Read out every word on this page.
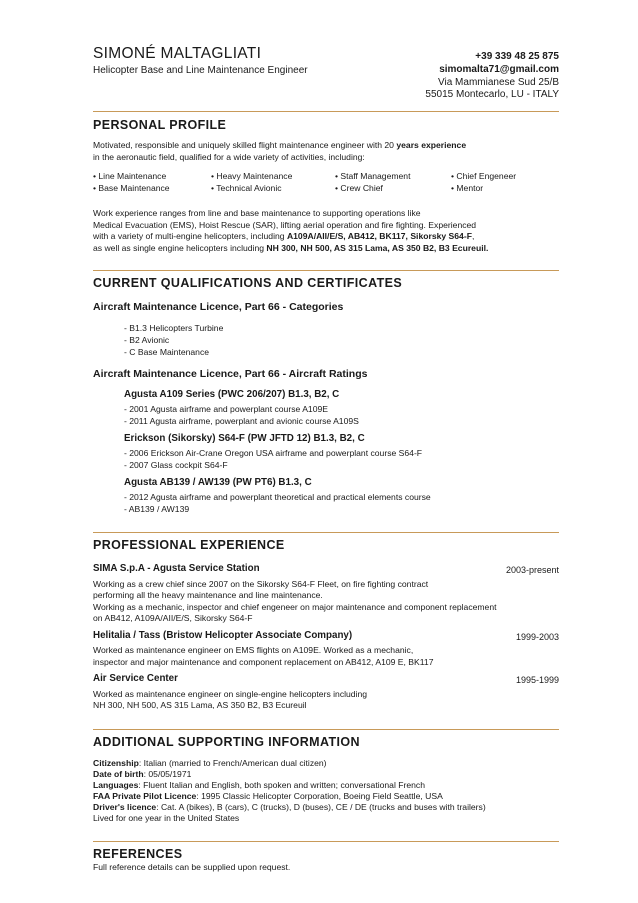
SIMONÉ MALTAGLIATI
Helicopter Base and Line Maintenance Engineer
+39 339 48 25 875
simomalta71@gmail.com
Via Mammianese Sud 25/B
55015 Montecarlo, LU - ITALY
PERSONAL PROFILE
Motivated, responsible and uniquely skilled flight maintenance engineer with 20 years experience
in the aeronautic field, qualified for a wide variety of activities, including:
• Line Maintenance	• Heavy Maintenance	• Staff Management	• Chief Engeneer
• Base Maintenance	• Technical Avionic	• Crew Chief	• Mentor
Work experience ranges from line and base maintenance to supporting operations like
Medical Evacuation (EMS), Hoist Rescue (SAR), lifting aerial operation and fire fighting. Experienced
with a variety of multi-engine helicopters, including A109A/AII/E/S, AB412, BK117, Sikorsky S64-F,
as well as single engine helicopters including NH 300, NH 500, AS 315 Lama, AS 350 B2, B3 Ecureuil.
CURRENT QUALIFICATIONS AND CERTIFICATES
Aircraft Maintenance Licence, Part 66 - Categories
- B1.3 Helicopters Turbine
- B2 Avionic
- C Base Maintenance
Aircraft Maintenance Licence, Part 66 - Aircraft Ratings
Agusta A109 Series (PWC 206/207) B1.3, B2, C
- 2001 Agusta airframe and powerplant course A109E
- 2011 Agusta airframe, powerplant and avionic course A109S
Erickson (Sikorsky) S64-F (PW JFTD 12) B1.3, B2, C
- 2006 Erickson Air-Crane Oregon USA airframe and powerplant course S64-F
- 2007 Glass cockpit S64-F
Agusta AB139 / AW139 (PW PT6) B1.3, C
- 2012 Agusta airframe and powerplant theoretical and practical elements course
- AB139 / AW139
PROFESSIONAL EXPERIENCE
SIMA S.p.A - Agusta Service Station	2003-present
Working as a crew chief since 2007 on the Sikorsky S64-F Fleet, on fire fighting contract
performing all the heavy maintenance and line maintenance.
Working as a mechanic, inspector and chief engeneer on major maintenance and component replacement
on AB412, A109A/AII/E/S, Sikorsky S64-F
Helitalia / Tass (Bristow Helicopter Associate Company)	1999-2003
Worked as maintenance engineer on EMS flights on A109E. Worked as a mechanic,
inspector and major maintenance and component replacement on AB412, A109 E, BK117
Air Service Center	1995-1999
Worked as maintenance engineer on single-engine helicopters including
NH 300, NH 500, AS 315 Lama, AS 350 B2, B3 Ecureuil
ADDITIONAL SUPPORTING INFORMATION
Citizenship: Italian (married to French/American dual citizen)
Date of birth: 05/05/1971
Languages: Fluent Italian and English, both spoken and written; conversational French
FAA Private Pilot Licence: 1995 Classic Helicopter Corporation, Boeing Field Seattle, USA
Driver's licence: Cat. A (bikes), B (cars), C (trucks), D (buses), CE / DE (trucks and buses with trailers)
Lived for one year in the United States
REFERENCES
Full reference details can be supplied upon request.
